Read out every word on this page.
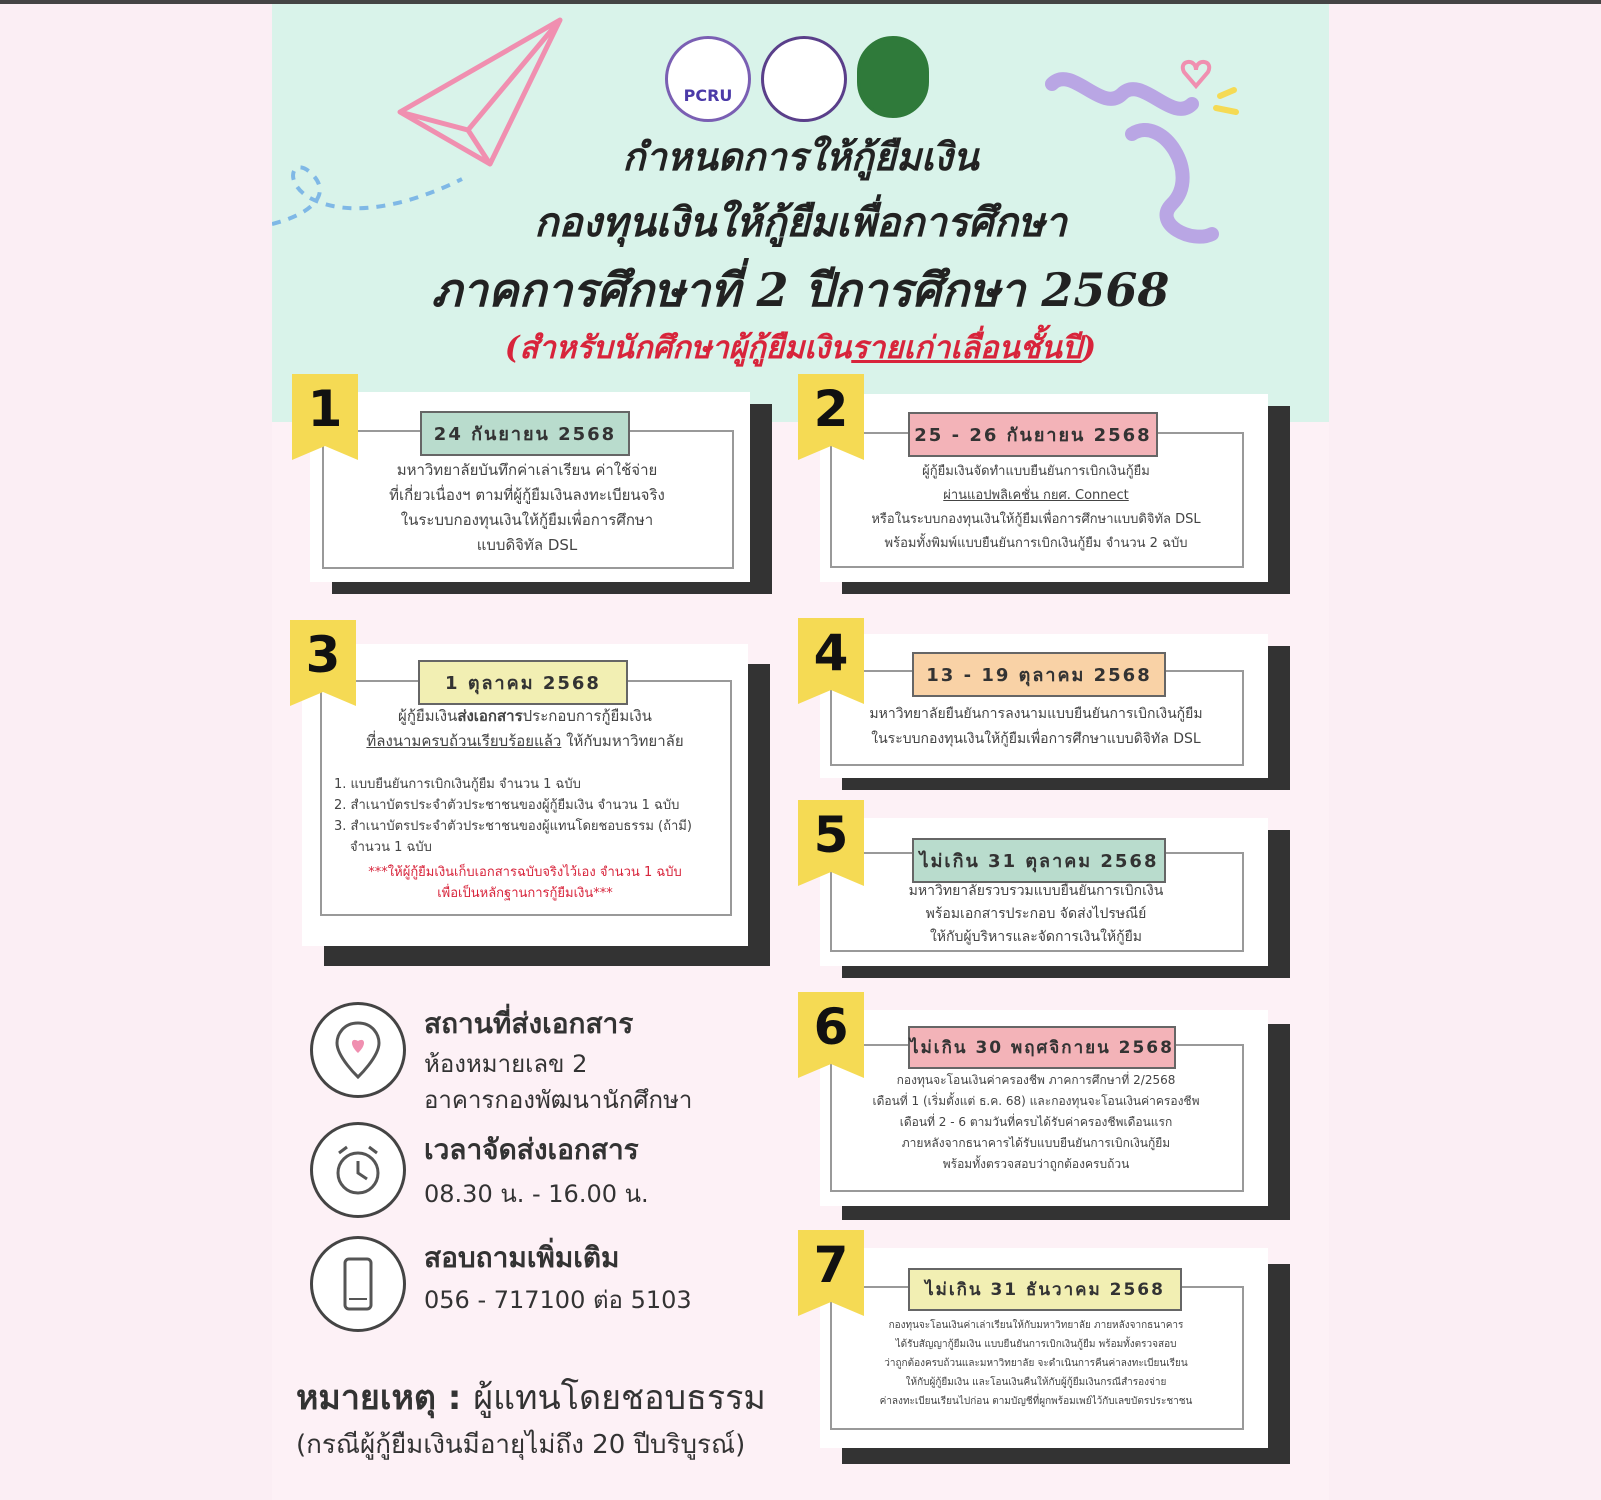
PCRU
กำหนดการให้กู้ยืมเงิน
กองทุนเงินให้กู้ยืมเพื่อการศึกษา
ภาคการศึกษาที่ 2 ปีการศึกษา 2568
(สำหรับนักศึกษาผู้กู้ยืมเงินรายเก่าเลื่อนชั้นปี)
1	24 กันยายน 2568
มหาวิทยาลัยบันทึกค่าเล่าเรียน ค่าใช้จ่าย
ที่เกี่ยวเนื่องฯ ตามที่ผู้กู้ยืมเงินลงทะเบียนจริง
ในระบบกองทุนเงินให้กู้ยืมเพื่อการศึกษา
แบบดิจิทัล DSL
2	25 - 26 กันยายน 2568
ผู้กู้ยืมเงินจัดทำแบบยืนยันการเบิกเงินกู้ยืม
ผ่านแอปพลิเคชั่น กยศ. Connect
หรือในระบบกองทุนเงินให้กู้ยืมเพื่อการศึกษาแบบดิจิทัล DSL
พร้อมทั้งพิมพ์แบบยืนยันการเบิกเงินกู้ยืม จำนวน 2 ฉบับ
3	1 ตุลาคม 2568
ผู้กู้ยืมเงินส่งเอกสารประกอบการกู้ยืมเงิน
ที่ลงนามครบถ้วนเรียบร้อยแล้ว ให้กับมหาวิทยาลัย
1. แบบยืนยันการเบิกเงินกู้ยืม จำนวน 1 ฉบับ
2. สำเนาบัตรประจำตัวประชาชนของผู้กู้ยืมเงิน จำนวน 1 ฉบับ
3. สำเนาบัตรประจำตัวประชาชนของผู้แทนโดยชอบธรรม (ถ้ามี)
จำนวน 1 ฉบับ
***ให้ผู้กู้ยืมเงินเก็บเอกสารฉบับจริงไว้เอง จำนวน 1 ฉบับ
เพื่อเป็นหลักฐานการกู้ยืมเงิน***
4	13 - 19 ตุลาคม 2568
มหาวิทยาลัยยืนยันการลงนามแบบยืนยันการเบิกเงินกู้ยืม
ในระบบกองทุนเงินให้กู้ยืมเพื่อการศึกษาแบบดิจิทัล DSL
5	ไม่เกิน 31 ตุลาคม 2568
มหาวิทยาลัยรวบรวมแบบยืนยันการเบิกเงิน
พร้อมเอกสารประกอบ จัดส่งไปรษณีย์
ให้กับผู้บริหารและจัดการเงินให้กู้ยืม
6	ไม่เกิน 30 พฤศจิกายน 2568
กองทุนจะโอนเงินค่าครองชีพ ภาคการศึกษาที่ 2/2568
เดือนที่ 1 (เริ่มตั้งแต่ ธ.ค. 68) และกองทุนจะโอนเงินค่าครองชีพ
เดือนที่ 2 - 6 ตามวันที่ครบได้รับค่าครองชีพเดือนแรก
ภายหลังจากธนาคารได้รับแบบยืนยันการเบิกเงินกู้ยืม
พร้อมทั้งตรวจสอบว่าถูกต้องครบถ้วน
7	ไม่เกิน 31 ธันวาคม 2568
กองทุนจะโอนเงินค่าเล่าเรียนให้กับมหาวิทยาลัย ภายหลังจากธนาคาร
ได้รับสัญญากู้ยืมเงิน แบบยืนยันการเบิกเงินกู้ยืม พร้อมทั้งตรวจสอบ
ว่าถูกต้องครบถ้วนและมหาวิทยาลัย จะดำเนินการคืนค่าลงทะเบียนเรียน
ให้กับผู้กู้ยืมเงิน และโอนเงินคืนให้กับผู้กู้ยืมเงินกรณีสำรองจ่าย
ค่าลงทะเบียนเรียนไปก่อน ตามบัญชีที่ผูกพร้อมเพย์ไว้กับเลขบัตรประชาชน
สถานที่ส่งเอกสาร
ห้องหมายเลข 2
อาคารกองพัฒนานักศึกษา
เวลาจัดส่งเอกสาร
08.30 น. - 16.00 น.
สอบถามเพิ่มเติม
056 - 717100 ต่อ 5103
หมายเหตุ : ผู้แทนโดยชอบธรรม
(กรณีผู้กู้ยืมเงินมีอายุไม่ถึง 20 ปีบริบูรณ์)
